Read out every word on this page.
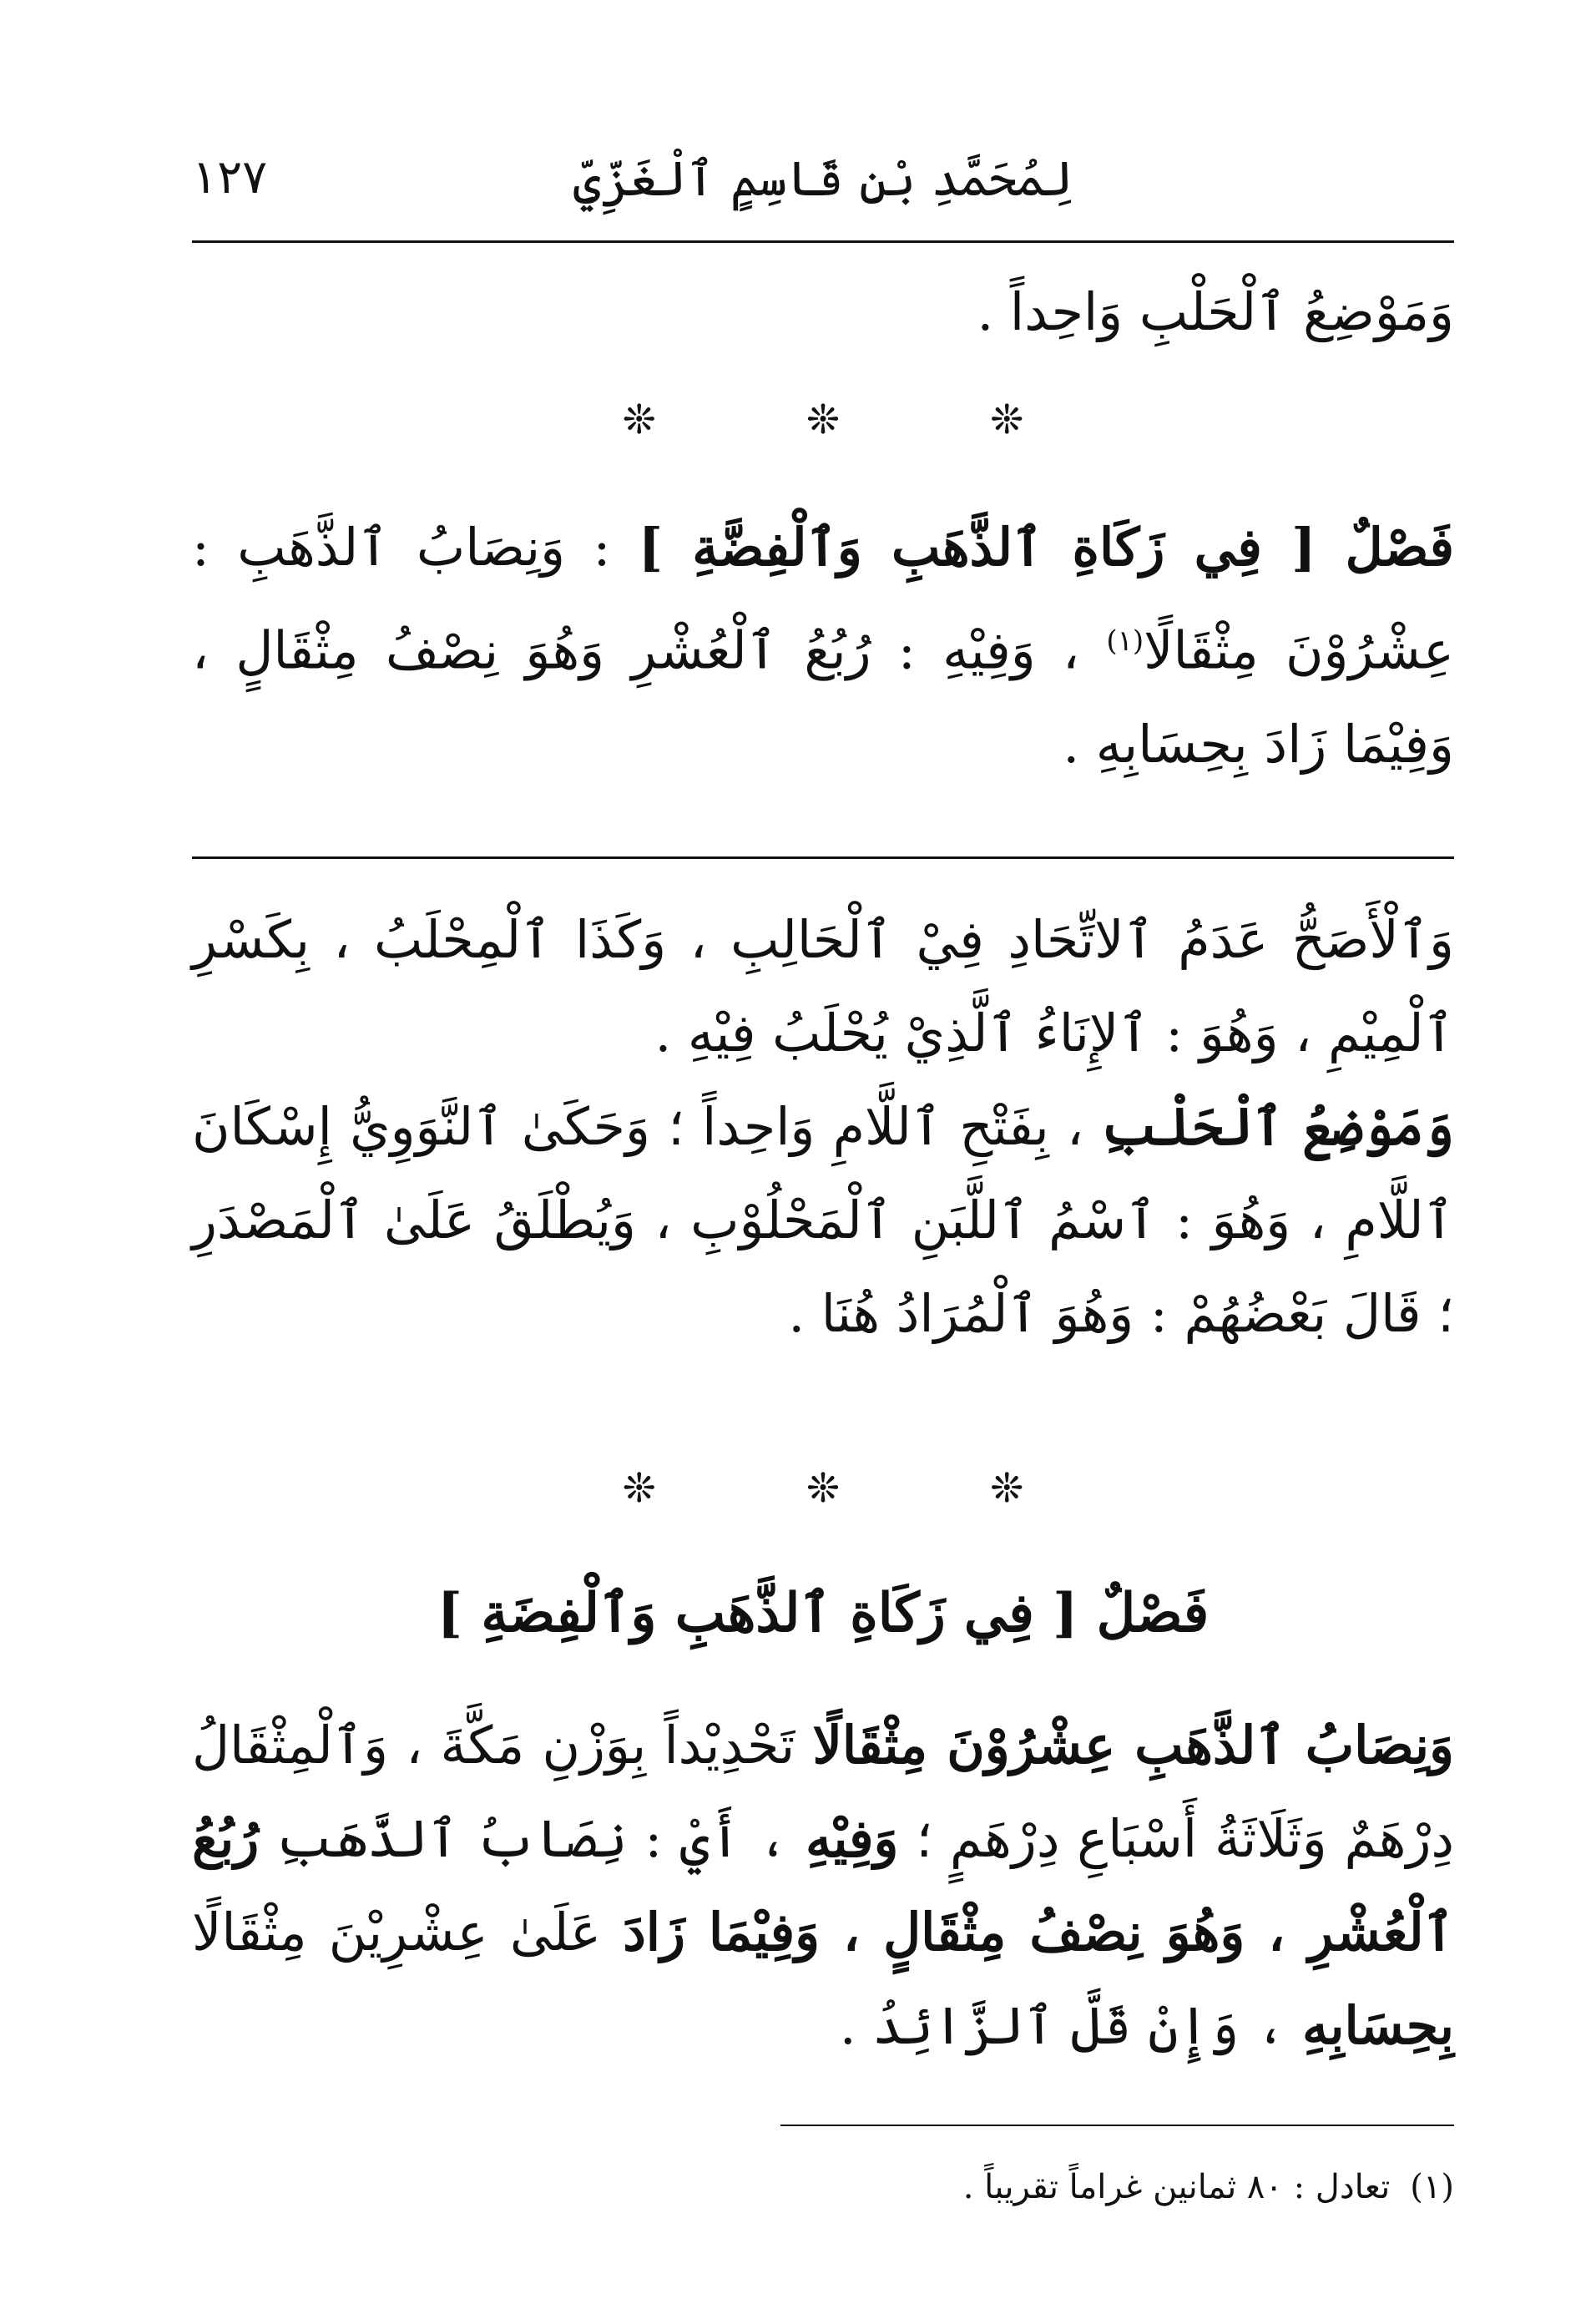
١٢٧	لِمُحَمَّدِ بْنِ قَاسِمٍ ٱلْغَزِّيِّ

وَمَوْضِعُ ٱلْحَلْبِ وَاحِداً .

❊	❊	❊

فَصْلٌ [ فِي زَكَاةِ ٱلذَّهَبِ وَٱلْفِضَّةِ ] : وَنِصَابُ ٱلذَّهَبِ : عِشْرُوْنَ مِثْقَالًا$^{(١)}$ ، وَفِيْهِ : رُبُعُ ٱلْعُشْرِ وَهُوَ نِصْفُ مِثْقَالٍ ، وَفِيْمَا زَادَ بِحِسَابِهِ .

وَٱلْأَصَحُّ عَدَمُ ٱلاتِّحَادِ فِيْ ٱلْحَالِبِ ، وَكَذَا ٱلْمِحْلَبُ ، بِكَسْرِ ٱلْمِيْمِ ، وَهُوَ : ٱلإِنَاءُ ٱلَّذِيْ يُحْلَبُ فِيْهِ .

وَمَوْضِعُ ٱلْحَلْبِ ، بِفَتْحِ ٱللَّامِ وَاحِداً ؛ وَحَكَىٰ ٱلنَّوَوِيُّ إِسْكَانَ ٱللَّامِ ، وَهُوَ : ٱسْمُ ٱللَّبَنِ ٱلْمَحْلُوْبِ ، وَيُطْلَقُ عَلَىٰ ٱلْمَصْدَرِ ؛ قَالَ بَعْضُهُمْ : وَهُوَ ٱلْمُرَادُ هُنَا .

❊	❊	❊
فَصْلٌ [ فِي زَكَاةِ ٱلذَّهَبِ وَٱلْفِضَةِ ]

وَنِصَابُ ٱلذَّهَبِ عِشْرُوْنَ مِثْقَالًا تَحْدِيْداً بِوَزْنِ مَكَّةَ ، وَٱلْمِثْقَالُ دِرْهَمٌ وَثَلَاثَةُ أَسْبَاعِ دِرْهَمٍ ؛ وَفِيْهِ ، أَيْ : نِصَابُ ٱلذَّهَبِ رُبُعُ ٱلْعُشْرِ ، وَهُوَ نِصْفُ مِثْقَالٍ ، وَفِيْمَا زَادَ عَلَىٰ عِشْرِيْنَ مِثْقَالًا بِحِسَابِهِ ، وَإِنْ قَلَّ ٱلزَّائِدُ .

(١)تعادل : ٨٠ ثمانين غراماً تقريباً .
